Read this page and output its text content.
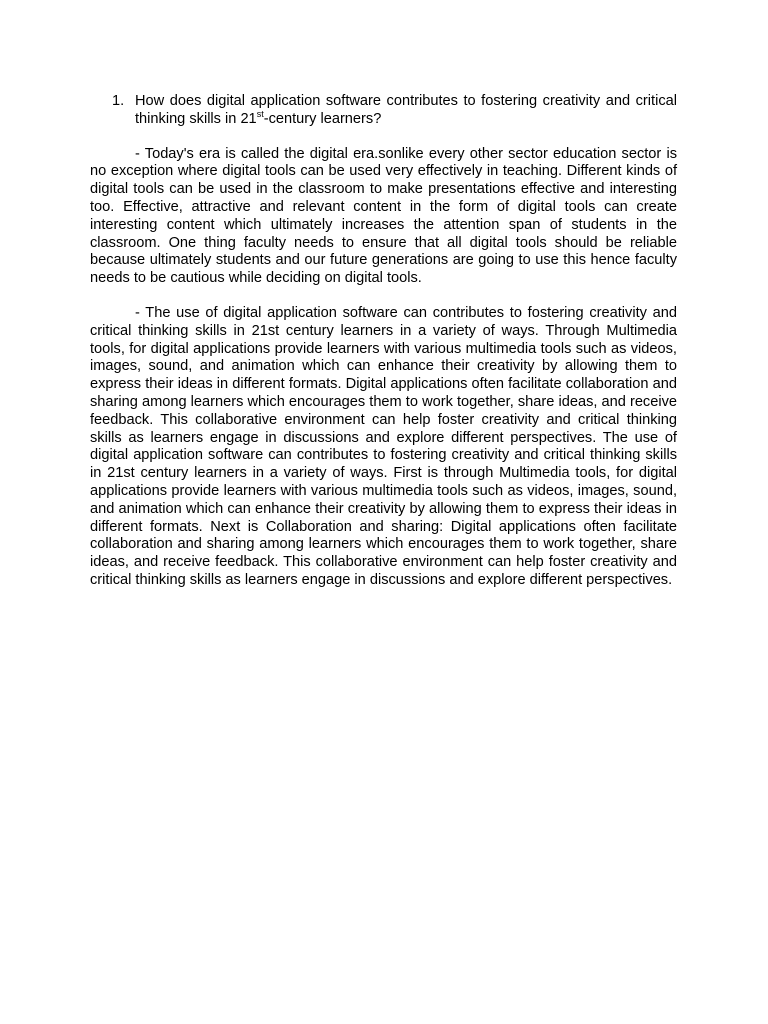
1. How does digital application software contributes to fostering creativity and critical thinking skills in 21st-century learners?

- Today's era is called the digital era.sonlike every other sector education sector is no exception where digital tools can be used very effectively in teaching. Different kinds of digital tools can be used in the classroom to make presentations effective and interesting too. Effective, attractive and relevant content in the form of digital tools can create interesting content which ultimately increases the attention span of students in the classroom. One thing faculty needs to ensure that all digital tools should be reliable because ultimately students and our future generations are going to use this hence faculty needs to be cautious while deciding on digital tools.

- The use of digital application software can contributes to fostering creativity and critical thinking skills in 21st century learners in a variety of ways. Through Multimedia tools, for digital applications provide learners with various multimedia tools such as videos, images, sound, and animation which can enhance their creativity by allowing them to express their ideas in different formats. Digital applications often facilitate collaboration and sharing among learners which encourages them to work together, share ideas, and receive feedback. This collaborative environment can help foster creativity and critical thinking skills as learners engage in discussions and explore different perspectives. The use of digital application software can contributes to fostering creativity and critical thinking skills in 21st century learners in a variety of ways. First is through Multimedia tools, for digital applications provide learners with various multimedia tools such as videos, images, sound, and animation which can enhance their creativity by allowing them to express their ideas in different formats. Next is Collaboration and sharing: Digital applications often facilitate collaboration and sharing among learners which encourages them to work together, share ideas, and receive feedback. This collaborative environment can help foster creativity and critical thinking skills as learners engage in discussions and explore different perspectives.
